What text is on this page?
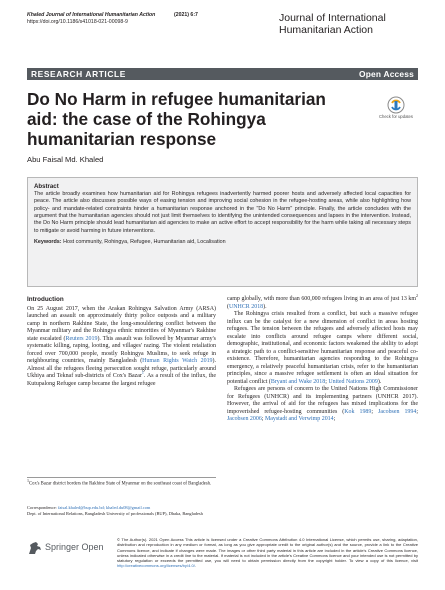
Khaled Journal of International Humanitarian Action	(2021) 6:7
https://doi.org/10.1186/s41018-021-00098-9	Journal of International Humanitarian Action
RESEARCH ARTICLE	Open Access
Do No Harm in refugee humanitarian aid: the case of the Rohingya humanitarian response
Check for updates
Abu Faisal Md. Khaled
Abstract
The article broadly examines how humanitarian aid for Rohingya refugees inadvertently harmed poorer hosts and adversely affected local capacities for peace. The article also discusses possible ways of easing tension and improving social cohesion in the refugee-hosting areas, while also highlighting how policy- and mandate-related constraints hinder a humanitarian response anchored in the "Do No Harm" principle. Finally, the article concludes with the argument that the humanitarian agencies should not just limit themselves to identifying the unintended consequences and lapses in the intervention. Instead, the Do No Harm principle should lead humanitarian aid agencies to make an active effort to accept responsibility for the harm while taking all necessary steps to mitigate or avoid harming in future interventions.
Keywords: Host community, Rohingya, Refugee, Humanitarian aid, Localisation
Introduction

On 25 August 2017, when the Arakan Rohingya Salvation Army (ARSA) launched an assault on approximately thirty police outposts and a military camp in northern Rakhine State, the long-smouldering conflict between the Myanmar military and the Rohingya ethnic minorities of Myanmar's Rakhine state escalated (Reuters 2019). This assault was followed by Myanmar army's systematic killing, raping, looting, and villages' razing. The violent retaliation forced over 700,000 people, mostly Rohingya Muslims, to seek refuge in neighbouring countries, mainly Bangladesh (Human Rights Watch 2019). Almost all the refugees fleeing persecution sought refuge, particularly around Ukhiya and Teknaf sub-districts of Cox's Bazar$^1$. As a result of the influx, the Kutupalong Refugee camp became the largest refugee

$^1$Cox's Bazar district borders the Rakhine State of Myanmar on the southeast coast of Bangladesh.
Correspondence: faisal.khaled@bup.edu.bd; khaled.du08@gmail.com
Dept. of International Relations, Bangladesh University of professionals (BUP), Dhaka, Bangladesh

camp globally, with more than 600,000 refugees living in an area of just 13 $km^2$ (UNHCR 2018).

The Rohingya crisis resulted from a conflict, but such a massive refugee influx can be the catalyst for a new dimension of conflict in areas hosting refugees. The tension between the refugees and adversely affected hosts may escalate into conflicts around refugee camps where different social, demographic, institutional, and economic factors weakened the ability to adopt a strategic path to a conflict-sensitive humanitarian response and peaceful co-existence. Therefore, humanitarian agencies responding to the Rohingya emergency, a relatively peaceful humanitarian crisis, refer to the humanitarian principles, since a massive refugee settlement is often an ideal situation for potential conflict (Bryant and Wake 2018; United Nations 2009).

Refugees are persons of concern to the United Nations High Commissioner for Refugees (UNHCR) and its implementing partners (UNHCR 2017). However, the arrival of aid for the refugees has mixed implications for the impoverished refugee-hosting communities (Kok 1989; Jacobsen 1994; Jacobsen 2006; Maystadt and Verwimp 2014;

Springer Open
© The Author(s). 2021 Open Access This article is licensed under a Creative Commons Attribution 4.0 International License, which permits use, sharing, adaptation, distribution and reproduction in any medium or format, as long as you give appropriate credit to the original author(s) and the source, provide a link to the Creative Commons licence, and indicate if changes were made. The images or other third party material in this article are included in the article's Creative Commons licence, unless indicated otherwise in a credit line to the material. If material is not included in the article's Creative Commons licence and your intended use is not permitted by statutory regulation or exceeds the permitted use, you will need to obtain permission directly from the copyright holder. To view a copy of this licence, visit http://creativecommons.org/licenses/by/4.0/.
